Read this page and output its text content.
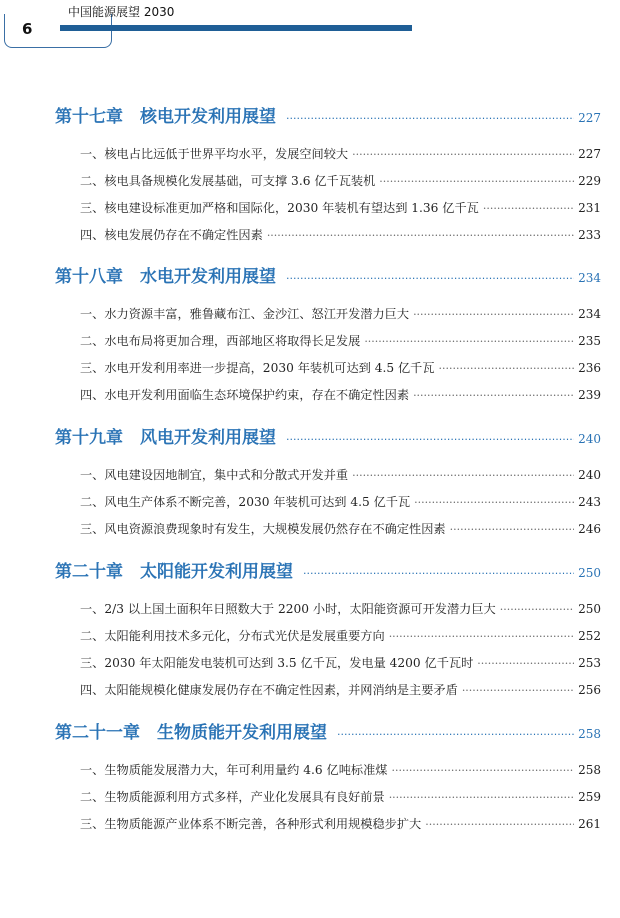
6
中国能源展望 2030
第十七章　核电开发利用展望 ·····	227
一、核电占比远低于世界平均水平，发展空间较大 ·····	227
二、核电具备规模化发展基础，可支撑 3.6 亿千瓦装机 ·····	229
三、核电建设标准更加严格和国际化，2030 年装机有望达到 1.36 亿千瓦 ·····	231
四、核电发展仍存在不确定性因素 ·····	233
第十八章　水电开发利用展望 ·····	234
一、水力资源丰富，雅鲁藏布江、金沙江、怒江开发潜力巨大 ·····	234
二、水电布局将更加合理，西部地区将取得长足发展 ·····	235
三、水电开发利用率进一步提高，2030 年装机可达到 4.5 亿千瓦 ·····	236
四、水电开发利用面临生态环境保护约束，存在不确定性因素 ·····	239
第十九章　风电开发利用展望 ·····	240
一、风电建设因地制宜，集中式和分散式开发并重 ·····	240
二、风电生产体系不断完善，2030 年装机可达到 4.5 亿千瓦 ·····	243
三、风电资源浪费现象时有发生，大规模发展仍然存在不确定性因素 ·····	246
第二十章　太阳能开发利用展望 ·····	250
一、2/3 以上国土面积年日照数大于 2200 小时，太阳能资源可开发潜力巨大 ·····	250
二、太阳能利用技术多元化，分布式光伏是发展重要方向 ·····	252
三、2030 年太阳能发电装机可达到 3.5 亿千瓦，发电量 4200 亿千瓦时 ·····	253
四、太阳能规模化健康发展仍存在不确定性因素，并网消纳是主要矛盾 ·····	256
第二十一章　生物质能开发利用展望 ·····	258
一、生物质能发展潜力大，年可利用量约 4.6 亿吨标准煤 ·····	258
二、生物质能源利用方式多样，产业化发展具有良好前景 ·····	259
三、生物质能源产业体系不断完善，各种形式利用规模稳步扩大 ·····	261
